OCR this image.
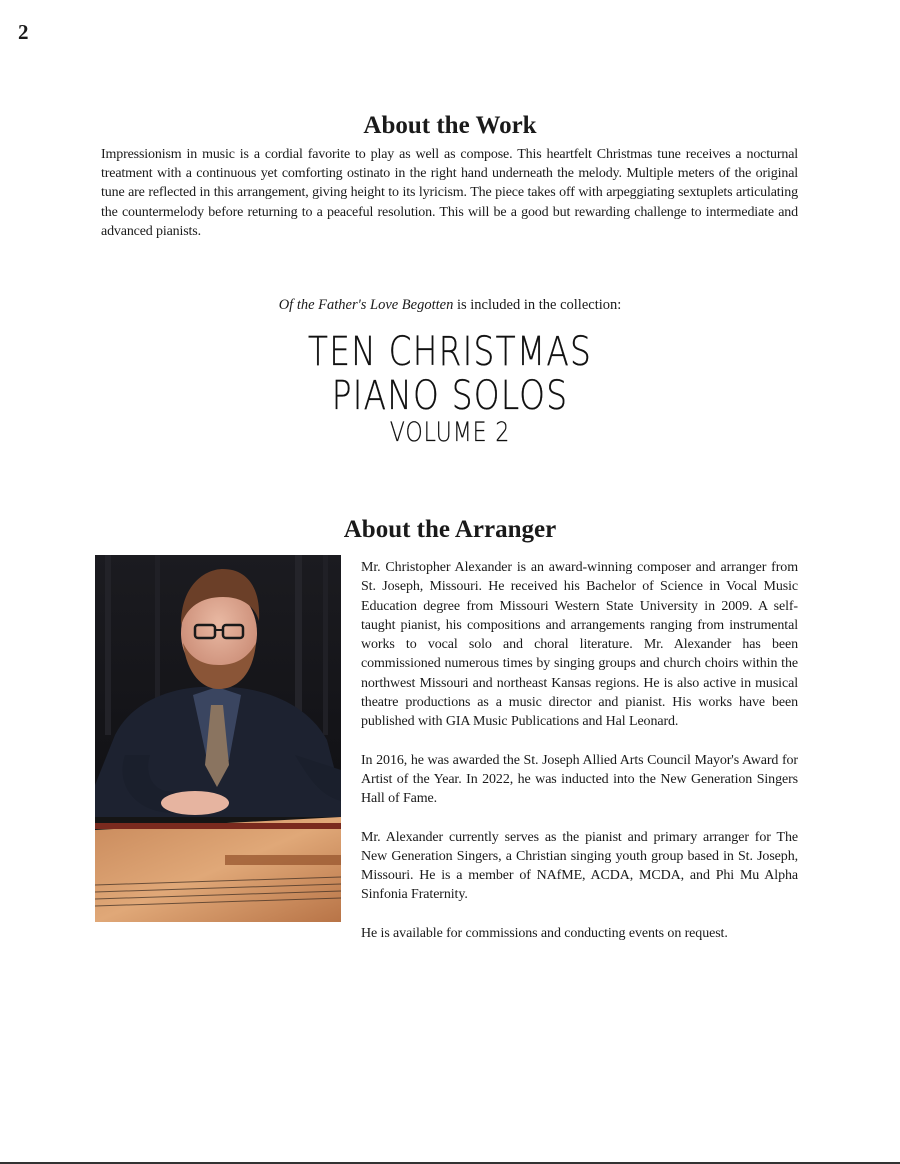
2
About the Work

Impressionism in music is a cordial favorite to play as well as compose. This heartfelt Christmas tune receives a nocturnal treatment with a continuous yet comforting ostinato in the right hand underneath the melody. Multiple meters of the original tune are reflected in this arrangement, giving height to its lyricism. The piece takes off with arpeggiating sextuplets articulating the countermelody before returning to a peaceful resolution. This will be a good but rewarding challenge to intermediate and advanced pianists.

Of the Father's Love Begotten is included in the collection:
TEN CHRISTMAS
PIANO SOLOS
VOLUME 2
About the Arranger

Mr. Christopher Alexander is an award-winning composer and arranger from St. Joseph, Missouri. He received his Bachelor of Science in Vocal Music Education degree from Missouri Western State University in 2009. A self-taught pianist, his compositions and arrangements ranging from instrumental works to vocal solo and choral literature. Mr. Alexander has been commissioned numerous times by singing groups and church choirs within the northwest Missouri and northeast Kansas regions. He is also active in musical theatre productions as a music director and pianist. His works have been published with GIA Music Publications and Hal Leonard.

In 2016, he was awarded the St. Joseph Allied Arts Council Mayor's Award for Artist of the Year. In 2022, he was inducted into the New Generation Singers Hall of Fame.

Mr. Alexander currently serves as the pianist and primary arranger for The New Generation Singers, a Christian singing youth group based in St. Joseph, Missouri. He is a member of NAfME, ACDA, MCDA, and Phi Mu Alpha Sinfonia Fraternity.

He is available for commissions and conducting events on request.
